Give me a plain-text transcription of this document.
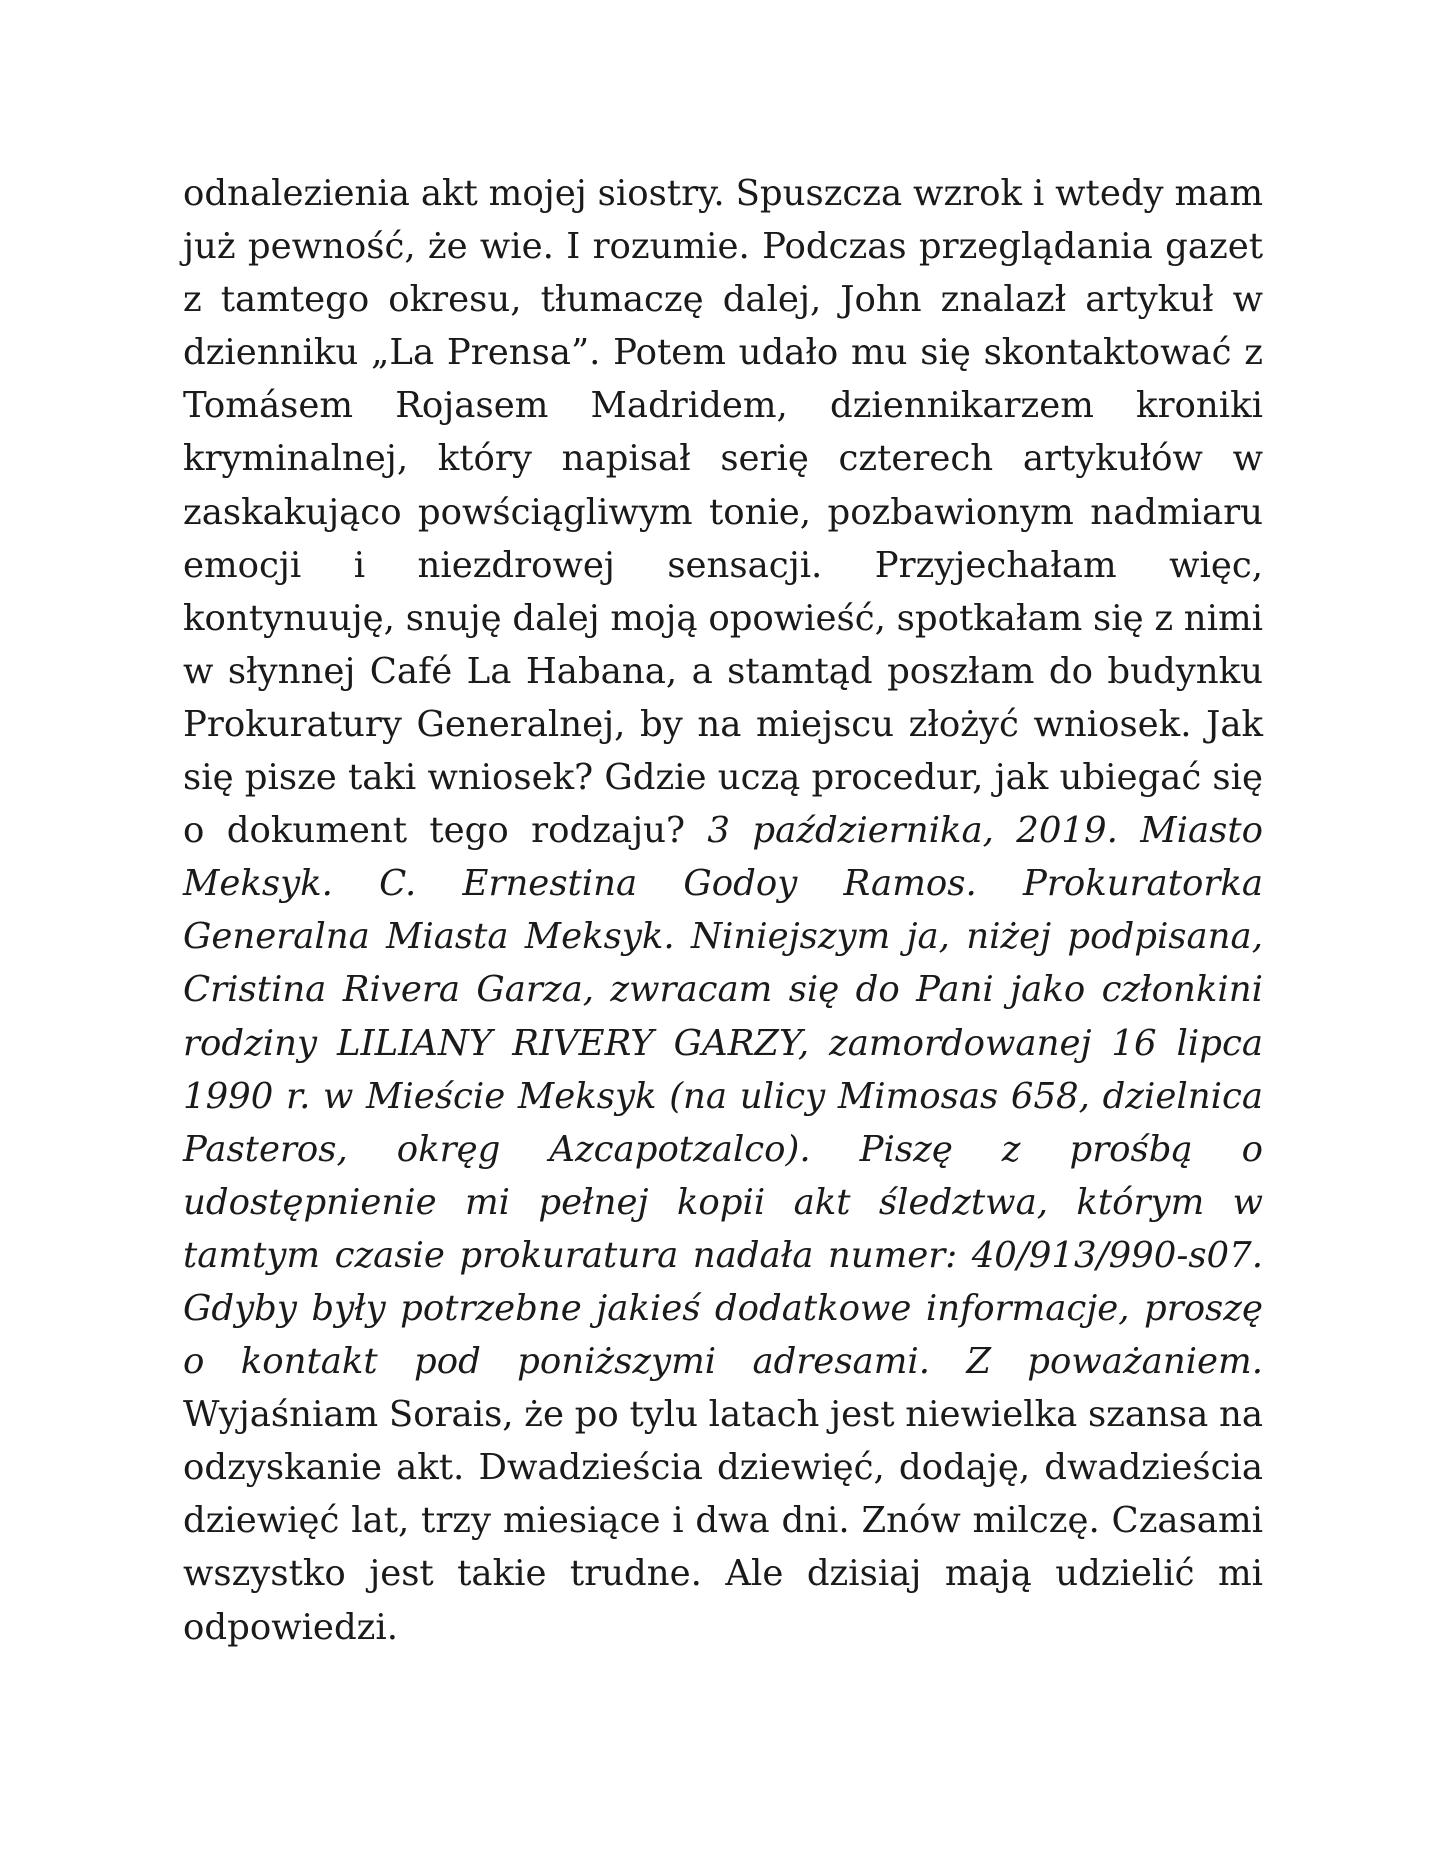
odnalezienia akt mojej siostry. Spuszcza wzrok i wtedy mam już pewność, że wie. I rozumie. Podczas przeglądania gazet z tamtego okresu, tłumaczę dalej, John znalazł artykuł w dzienniku „La Prensa”. Potem udało mu się skontaktować z Tomásem Rojasem Madridem, dziennikarzem kroniki kryminalnej, który napisał serię czterech artykułów w zaskakująco powściągliwym tonie, pozbawionym nadmiaru emocji i niezdrowej sensacji. Przyjechałam więc, kontynuuję, snuję dalej moją opowieść, spotkałam się z nimi w słynnej Café La Habana, a stamtąd poszłam do budynku Prokuratury Generalnej, by na miejscu złożyć wniosek. Jak się pisze taki wniosek? Gdzie uczą procedur, jak ubiegać się o dokument tego rodzaju? 3 października, 2019. Miasto Meksyk. C. Ernestina Godoy Ramos. Prokuratorka Generalna Miasta Meksyk. Niniejszym ja, niżej podpisana, Cristina Rivera Garza, zwracam się do Pani jako członkini rodziny LILIANY RIVERY GARZY, zamordowanej 16 lipca 1990 r. w Mieście Meksyk (na ulicy Mimosas 658, dzielnica Pasteros, okręg Azcapotzalco). Piszę z prośbą o udostępnienie mi pełnej kopii akt śledztwa, którym w tamtym czasie prokuratura nadała numer: 40/913/990-s07. Gdyby były potrzebne jakieś dodatkowe informacje, proszę o kontakt pod poniższymi adresami. Z poważaniem. Wyjaśniam Sorais, że po tylu latach jest niewielka szansa na odzyskanie akt. Dwadzieścia dziewięć, dodaję, dwadzieścia dziewięć lat, trzy miesiące i dwa dni. Znów milczę. Czasami wszystko jest takie trudne. Ale dzisiaj mają udzielić mi odpowiedzi.
